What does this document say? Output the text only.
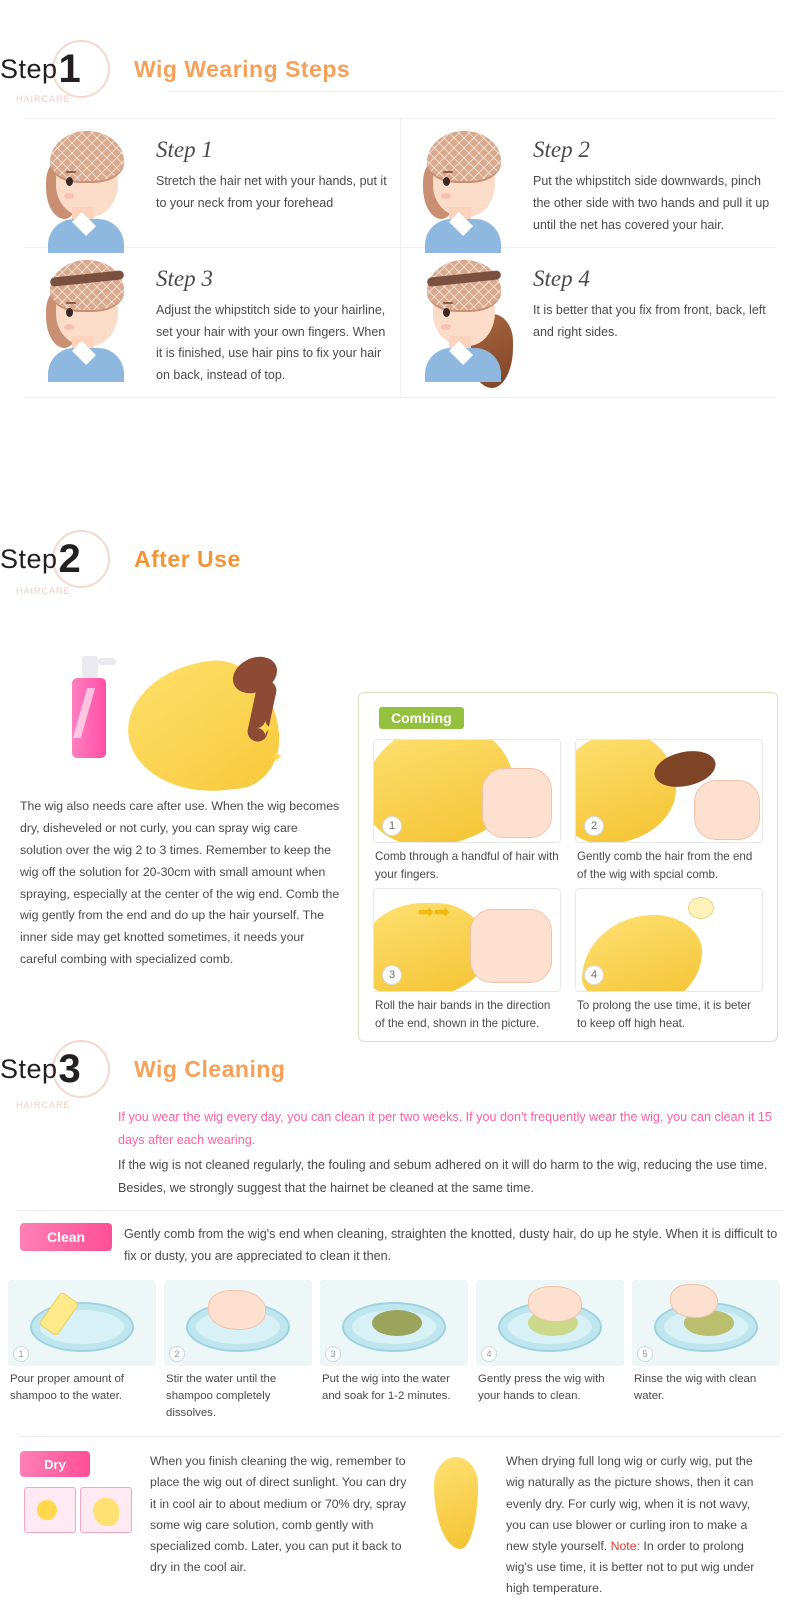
Step 1 Wig Wearing Steps
HAIRCARE
Step 1
Stretch the hair net with your hands, put it to your neck from your forehead
Step 2
Put the whipstitch side downwards, pinch the other side with two hands and pull it up until the net has covered your hair.
Step 3
Adjust the whipstitch side to your hairline, set your hair with your own fingers. When it is finished, use hair pins to fix your hair on back, instead of top.
Step 4
It is better that you fix from front, back, left and right sides.
Step 2 After Use
HAIRCARE
✦
✦
The wig also needs care after use. When the wig becomes dry, disheveled or not curly, you can spray wig care solution over the wig 2 to 3 times. Remember to keep the wig off the solution for 20-30cm with small amount when spraying, especially at the center of the wig end. Comb the wig gently from the end and do up the hair yourself. The inner side may get knotted sometimes, it needs your careful combing with specialized comb.
Combing
1
Comb through a handful of hair with your fingers.
2
Gently comb the hair from the end of the wig with spcial comb.
➟➟
3
Roll the hair bands in the direction of the end, shown in the picture.
4
To prolong the use time, it is beter to keep off high heat.
Step 3 Wig Cleaning
HAIRCARE
If you wear the wig every day, you can clean it per two weeks. If you don't frequently wear the wig, you can clean it 15 days after each wearing.
If the wig is not cleaned regularly, the fouling and sebum adhered on it will do harm to the wig, reducing the use time. Besides, we strongly suggest that the hairnet be cleaned at the same time.
Clean	Gently comb from the wig's end when cleaning, straighten the knotted, dusty hair, do up he style. When it is difficult to fix or dusty, you are appreciated to clean it then.
1
Pour proper amount of shampoo to the water.
2
Stir the water until the shampoo completely dissolves.
3
Put the wig into the water and soak for 1-2 minutes.
4
Gently press the wig with your hands to clean.
5
Rinse the wig with clean water.
Dry	When you finish cleaning the wig, remember to place the wig out of direct sunlight. You can dry it in cool air to about medium or 70% dry, spray some wig care solution, comb gently with specialized comb. Later, you can put it back to dry in the cool air.
When drying full long wig or curly wig, put the wig naturally as the picture shows, then it can evenly dry. For curly wig, when it is not wavy, you can use blower or curling iron to make a new style yourself. Note: In order to prolong wig's use time, it is better not to put wig under high temperature.
